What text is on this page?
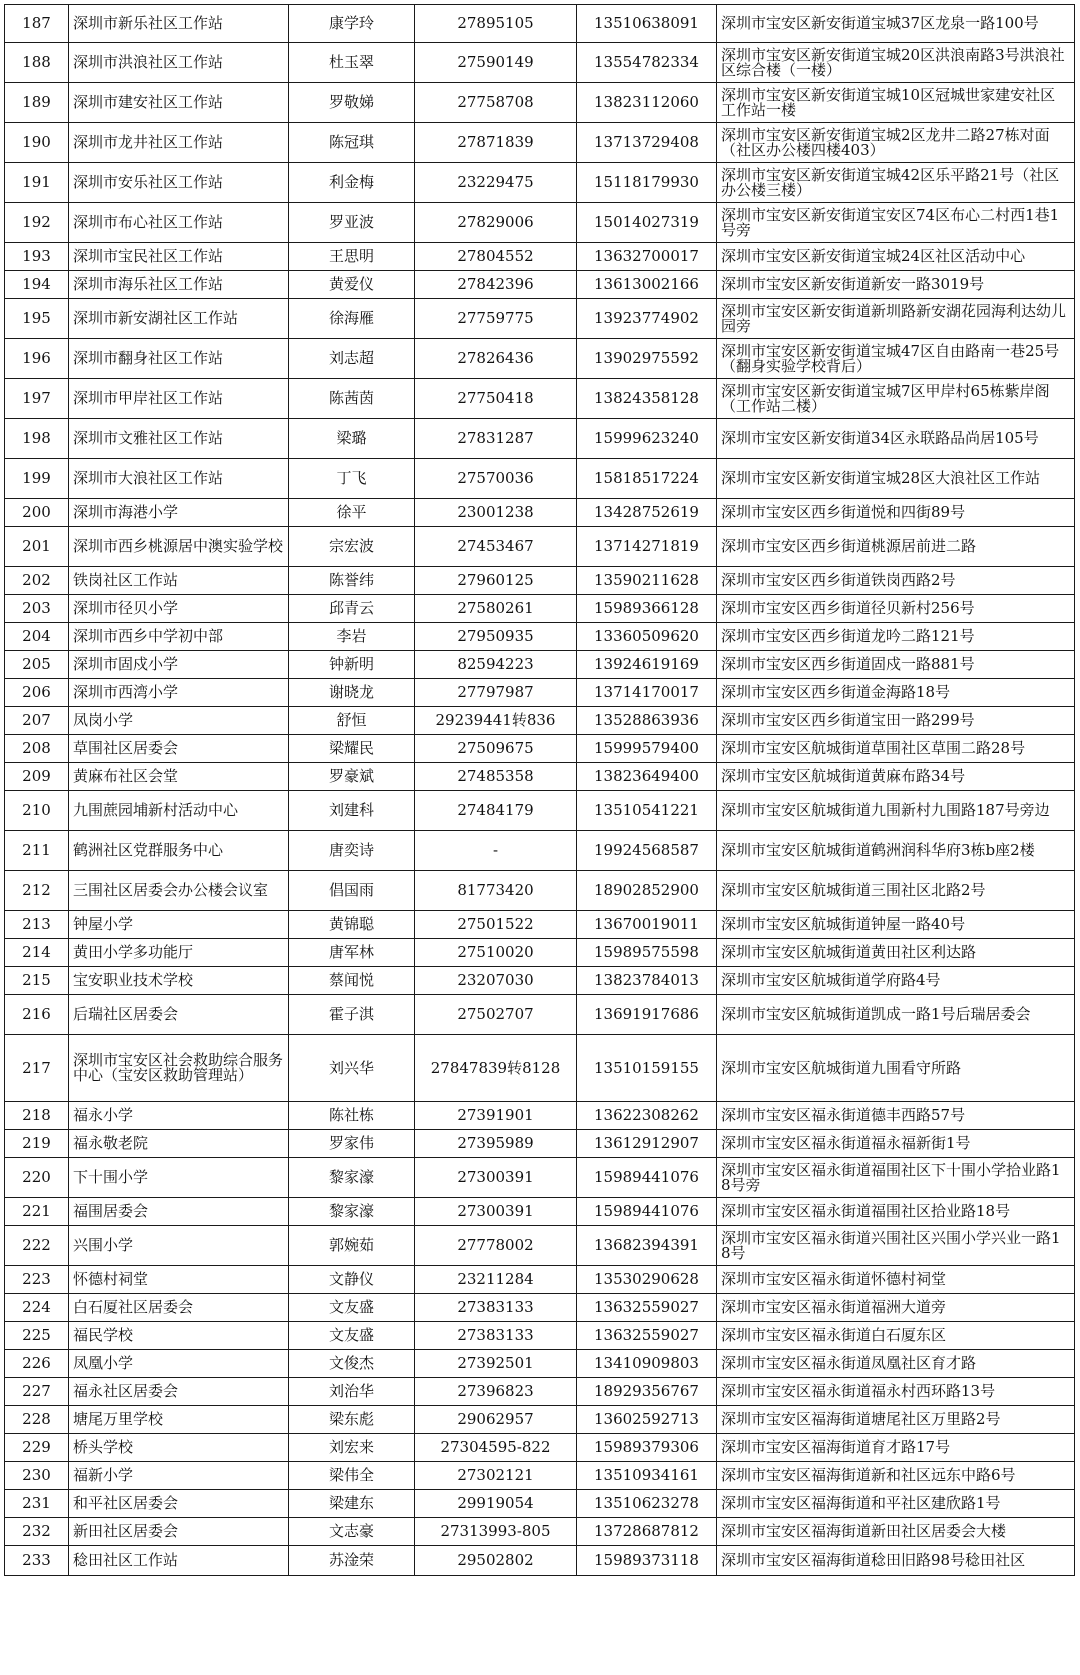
187	深圳市新乐社区工作站	康学玲	27895105	13510638091	深圳市宝安区新安街道宝城37区龙泉一路100号
188	深圳市洪浪社区工作站	杜玉翠	27590149	13554782334	深圳市宝安区新安街道宝城20区洪浪南路3号洪浪社区综合楼（一楼）
189	深圳市建安社区工作站	罗敬娣	27758708	13823112060	深圳市宝安区新安街道宝城10区冠城世家建安社区工作站一楼
190	深圳市龙井社区工作站	陈冠琪	27871839	13713729408	深圳市宝安区新安街道宝城2区龙井二路27栋对面（社区办公楼四楼403）
191	深圳市安乐社区工作站	利金梅	23229475	15118179930	深圳市宝安区新安街道宝城42区乐平路21号（社区办公楼三楼）
192	深圳市布心社区工作站	罗亚波	27829006	15014027319	深圳市宝安区新安街道宝安区74区布心二村西1巷1号旁
193	深圳市宝民社区工作站	王思明	27804552	13632700017	深圳市宝安区新安街道宝城24区社区活动中心
194	深圳市海乐社区工作站	黄爱仪	27842396	13613002166	深圳市宝安区新安街道新安一路3019号
195	深圳市新安湖社区工作站	徐海雁	27759775	13923774902	深圳市宝安区新安街道新圳路新安湖花园海利达幼儿园旁
196	深圳市翻身社区工作站	刘志超	27826436	13902975592	深圳市宝安区新安街道宝城47区自由路南一巷25号（翻身实验学校背后）
197	深圳市甲岸社区工作站	陈茜茵	27750418	13824358128	深圳市宝安区新安街道宝城7区甲岸村65栋紫岸阁（工作站二楼）
198	深圳市文雅社区工作站	梁璐	27831287	15999623240	深圳市宝安区新安街道34区永联路品尚居105号
199	深圳市大浪社区工作站	丁飞	27570036	15818517224	深圳市宝安区新安街道宝城28区大浪社区工作站
200	深圳市海港小学	徐平	23001238	13428752619	深圳市宝安区西乡街道悦和四街89号
201	深圳市西乡桃源居中澳实验学校	宗宏波	27453467	13714271819	深圳市宝安区西乡街道桃源居前进二路
202	铁岗社区工作站	陈誉纬	27960125	13590211628	深圳市宝安区西乡街道铁岗西路2号
203	深圳市径贝小学	邱青云	27580261	15989366128	深圳市宝安区西乡街道径贝新村256号
204	深圳市西乡中学初中部	李岩	27950935	13360509620	深圳市宝安区西乡街道龙吟二路121号
205	深圳市固戍小学	钟新明	82594223	13924619169	深圳市宝安区西乡街道固戍一路881号
206	深圳市西湾小学	谢晓龙	27797987	13714170017	深圳市宝安区西乡街道金海路18号
207	凤岗小学	舒恒	29239441转836	13528863936	深圳市宝安区西乡街道宝田一路299号
208	草围社区居委会	梁耀民	27509675	15999579400	深圳市宝安区航城街道草围社区草围二路28号
209	黄麻布社区会堂	罗豪斌	27485358	13823649400	深圳市宝安区航城街道黄麻布路34号
210	九围蔗园埔新村活动中心	刘建科	27484179	13510541221	深圳市宝安区航城街道九围新村九围路187号旁边
211	鹤洲社区党群服务中心	唐奕诗	-	19924568587	深圳市宝安区航城街道鹤洲润科华府3栋b座2楼
212	三围社区居委会办公楼会议室	倡国雨	81773420	18902852900	深圳市宝安区航城街道三围社区北路2号
213	钟屋小学	黄锦聪	27501522	13670019011	深圳市宝安区航城街道钟屋一路40号
214	黄田小学多功能厅	唐军林	27510020	15989575598	深圳市宝安区航城街道黄田社区利达路
215	宝安职业技术学校	蔡闻悦	23207030	13823784013	深圳市宝安区航城街道学府路4号
216	后瑞社区居委会	霍子淇	27502707	13691917686	深圳市宝安区航城街道凯成一路1号后瑞居委会
217	深圳市宝安区社会救助综合服务中心（宝安区救助管理站）	刘兴华	27847839转8128	13510159155	深圳市宝安区航城街道九围看守所路
218	福永小学	陈社栋	27391901	13622308262	深圳市宝安区福永街道德丰西路57号
219	福永敬老院	罗家伟	27395989	13612912907	深圳市宝安区福永街道福永福新街1号
220	下十围小学	黎家濠	27300391	15989441076	深圳市宝安区福永街道福围社区下十围小学拾业路18号旁
221	福围居委会	黎家濠	27300391	15989441076	深圳市宝安区福永街道福围社区拾业路18号
222	兴围小学	郭婉茹	27778002	13682394391	深圳市宝安区福永街道兴围社区兴围小学兴业一路18号
223	怀德村祠堂	文静仪	23211284	13530290628	深圳市宝安区福永街道怀德村祠堂
224	白石厦社区居委会	文友盛	27383133	13632559027	深圳市宝安区福永街道福洲大道旁
225	福民学校	文友盛	27383133	13632559027	深圳市宝安区福永街道白石厦东区
226	凤凰小学	文俊杰	27392501	13410909803	深圳市宝安区福永街道凤凰社区育才路
227	福永社区居委会	刘治华	27396823	18929356767	深圳市宝安区福永街道福永村西环路13号
228	塘尾万里学校	梁东彪	29062957	13602592713	深圳市宝安区福海街道塘尾社区万里路2号
229	桥头学校	刘宏来	27304595-822	15989379306	深圳市宝安区福海街道育才路17号
230	福新小学	梁伟全	27302121	13510934161	深圳市宝安区福海街道新和社区远东中路6号
231	和平社区居委会	梁建东	29919054	13510623278	深圳市宝安区福海街道和平社区建欣路1号
232	新田社区居委会	文志豪	27313993-805	13728687812	深圳市宝安区福海街道新田社区居委会大楼
233	稔田社区工作站	苏淦荣	29502802	15989373118	深圳市宝安区福海街道稔田旧路98号稔田社区
